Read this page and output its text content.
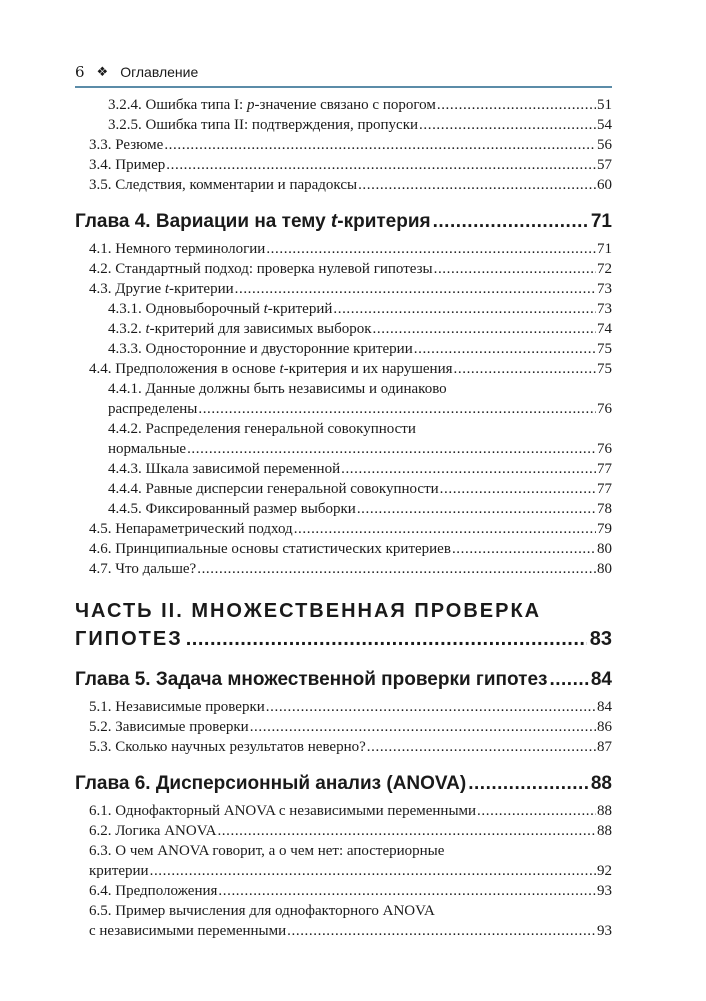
6 ❖ Оглавление
3.2.4. Ошибка типа I: p-значение связано с порогом .....	51
3.2.5. Ошибка типа II: подтверждения, пропуски .....	54
3.3. Резюме .....	56
3.4. Пример .....	57
3.5. Следствия, комментарии и парадоксы .....	60
Глава 4. Вариации на тему t-критерия .....	71
4.1. Немного терминологии .....	71
4.2. Стандартный подход: проверка нулевой гипотезы .....	72
4.3. Другие t-критерии .....	73
4.3.1. Одновыборочный t-критерий .....	73
4.3.2. t-критерий для зависимых выборок .....	74
4.3.3. Односторонние и двусторонние критерии .....	75
4.4. Предположения в основе t-критерия и их нарушения .....	75
4.4.1. Данные должны быть независимы и одинаково
распределены .....	76
4.4.2. Распределения генеральной совокупности
нормальные .....	76
4.4.3. Шкала зависимой переменной .....	77
4.4.4. Равные дисперсии генеральной совокупности .....	77
4.4.5. Фиксированный размер выборки .....	78
4.5. Непараметрический подход .....	79
4.6. Принципиальные основы статистических критериев .....	80
4.7. Что дальше? .....	80
ЧАСТЬ II. МНОЖЕСТВЕННАЯ ПРОВЕРКА
ГИПОТЕЗ .....	83
Глава 5. Задача множественной проверки гипотез ..... 84
5.1. Независимые проверки .....	84
5.2. Зависимые проверки .....	86
5.3. Сколько научных результатов неверно? .....	87
Глава 6. Дисперсионный анализ (ANOVA) .....	88
6.1. Однофакторный ANOVA с независимыми переменными .....	88
6.2. Логика ANOVA .....	88
6.3. О чем ANOVA говорит, а о чем нет: апостериорные
критерии .....	92
6.4. Предположения .....	93
6.5. Пример вычисления для однофакторного ANOVA
с независимыми переменными .....	93
